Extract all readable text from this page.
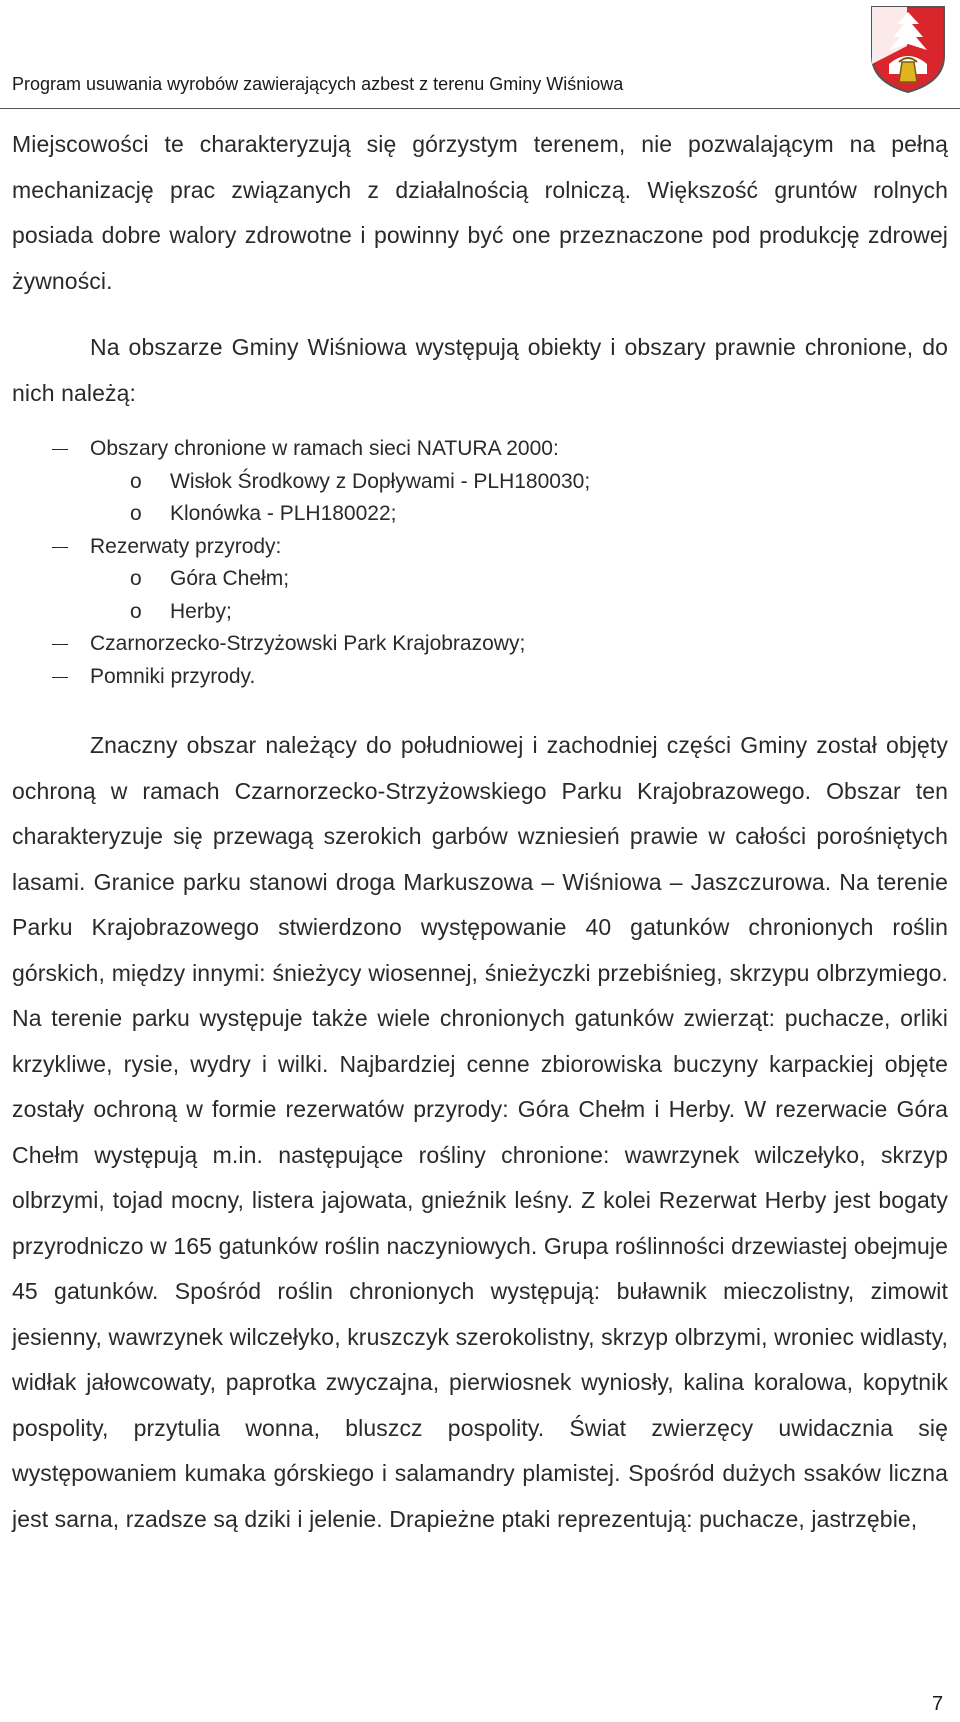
Program usuwania wyrobów zawierających azbest z terenu Gminy Wiśniowa

Miejscowości te charakteryzują się górzystym terenem, nie pozwalającym na pełną mechanizację prac związanych z działalnością rolniczą. Większość gruntów rolnych posiada dobre walory zdrowotne i powinny być one przeznaczone pod produkcję zdrowej żywności.

Na obszarze Gminy Wiśniowa występują obiekty i obszary prawnie chronione, do nich należą:

Obszary chronione w ramach sieci NATURA 2000:
o Wisłok Środkowy z Dopływami - PLH180030;
o Klonówka - PLH180022;
Rezerwaty przyrody:
o Góra Chełm;
o Herby;
Czarnorzecko-Strzyżowski Park Krajobrazowy;
Pomniki przyrody.

Znaczny obszar należący do południowej i zachodniej części Gminy został objęty ochroną w ramach Czarnorzecko-Strzyżowskiego Parku Krajobrazowego. Obszar ten charakteryzuje się przewagą szerokich garbów wzniesień prawie w całości porośniętych lasami. Granice parku stanowi droga Markuszowa – Wiśniowa – Jaszczurowa. Na terenie Parku Krajobrazowego stwierdzono występowanie 40 gatunków chronionych roślin górskich, między innymi: śnieżycy wiosennej, śnieżyczki przebiśnieg, skrzypu olbrzymiego. Na terenie parku występuje także wiele chronionych gatunków zwierząt: puchacze, orliki krzykliwe, rysie, wydry i wilki. Najbardziej cenne zbiorowiska buczyny karpackiej objęte zostały ochroną w formie rezerwatów przyrody: Góra Chełm i Herby. W rezerwacie Góra Chełm występują m.in. następujące rośliny chronione: wawrzynek wilczełyko, skrzyp olbrzymi, tojad mocny, listera jajowata, gnieźnik leśny. Z kolei Rezerwat Herby jest bogaty przyrodniczo w 165 gatunków roślin naczyniowych. Grupa roślinności drzewiastej obejmuje 45 gatunków. Spośród roślin chronionych występują: buławnik mieczolistny, zimowit jesienny, wawrzynek wilczełyko, kruszczyk szerokolistny, skrzyp olbrzymi, wroniec widlasty, widłak jałowcowaty, paprotka zwyczajna, pierwiosnek wyniosły, kalina koralowa, kopytnik pospolity, przytulia wonna, bluszcz pospolity. Świat zwierzęcy uwidacznia się występowaniem kumaka górskiego i salamandry plamistej. Spośród dużych ssaków liczna jest sarna, rzadsze są dziki i jelenie. Drapieżne ptaki reprezentują: puchacze, jastrzębie,

7
